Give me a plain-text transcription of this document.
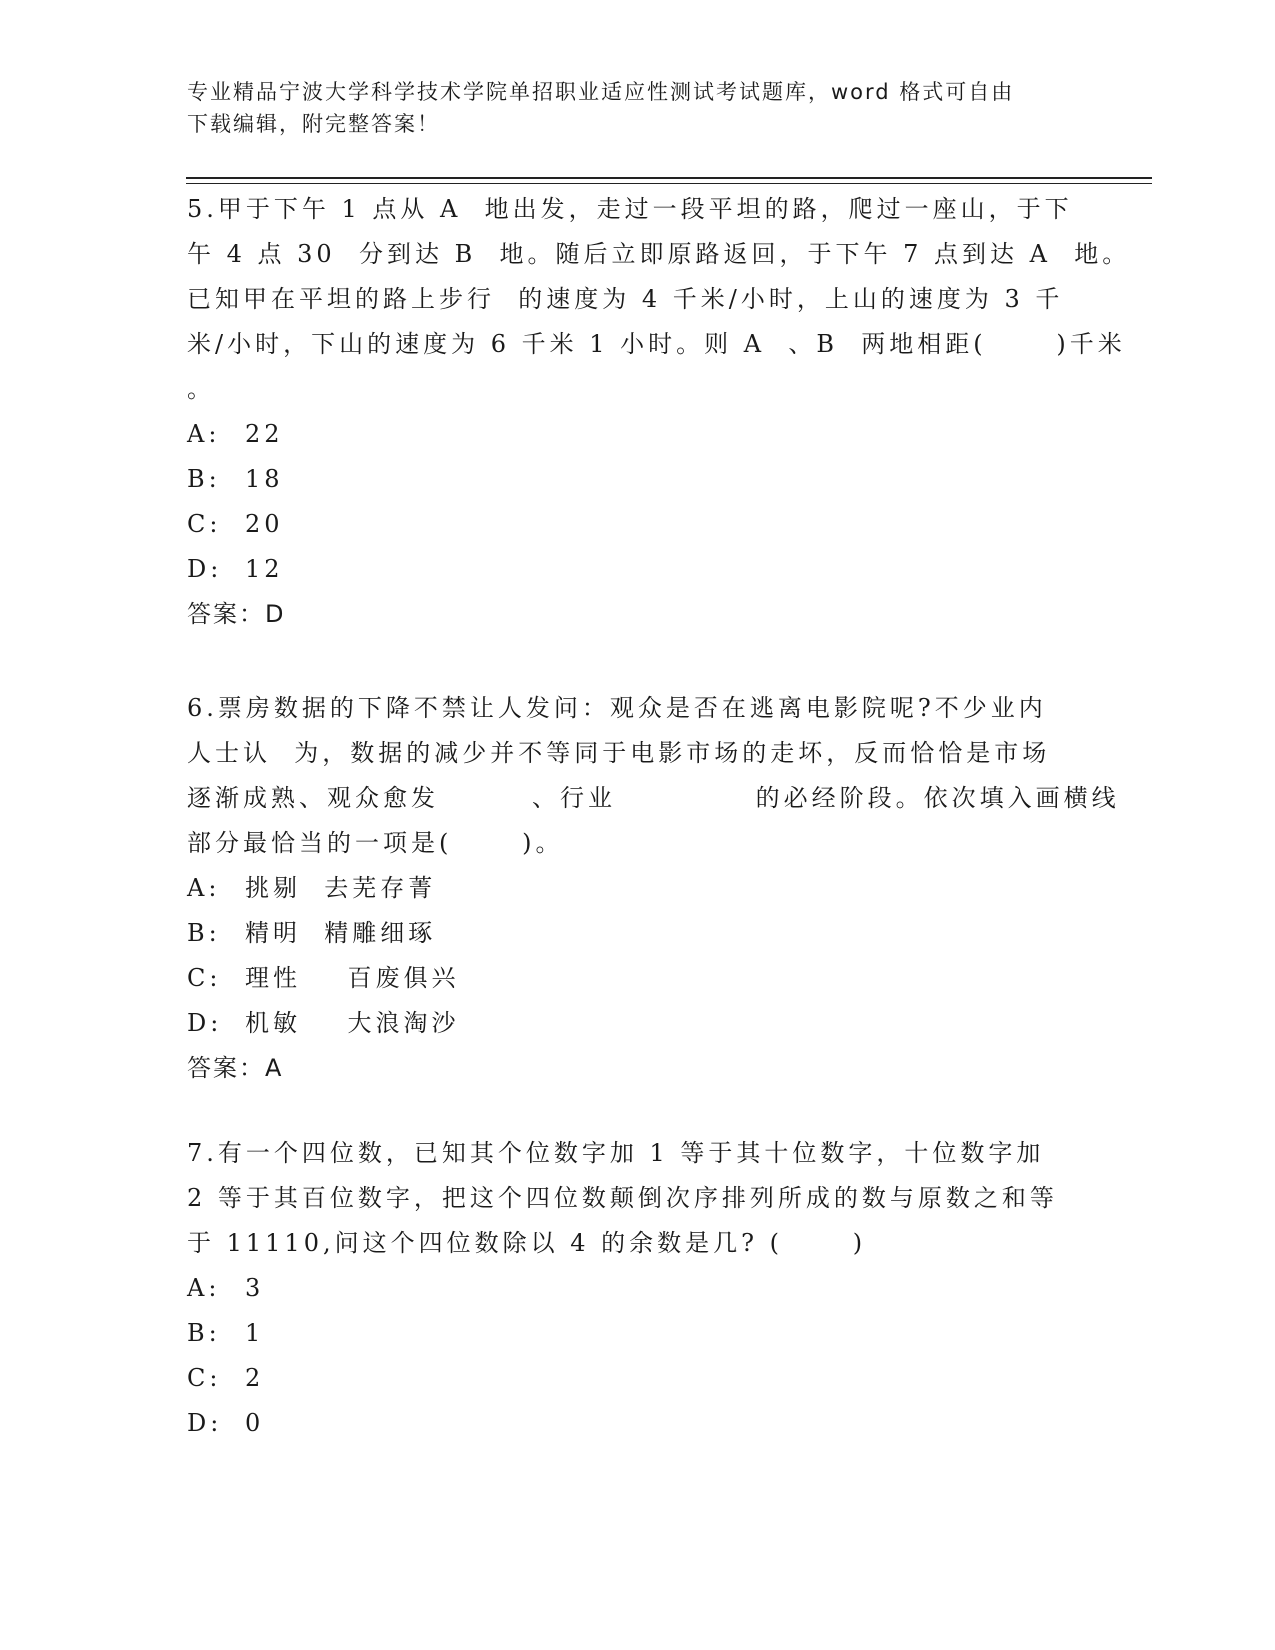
专业精品宁波大学科学技术学院单招职业适应性测试考试题库，word 格式可自由
下载编辑，附完整答案！
5.甲于下午 1 点从 A  地出发，走过一段平坦的路，爬过一座山，于下
午 4 点 30  分到达 B  地。随后立即原路返回，于下午 7 点到达 A  地。
已知甲在平坦的路上步行  的速度为 4 千米/小时，上山的速度为 3 千
米/小时，下山的速度为 6 千米 1 小时。则 A  、B  两地相距(      )千米
。
A:	22
B:	18
C: 20
D: 12
答案：D
6.票房数据的下降不禁让人发问：观众是否在逃离电影院呢?不少业内
人士认  为，数据的减少并不等同于电影市场的走坏，反而恰恰是市场
逐渐成熟、观众愈发        、行业            的必经阶段。依次填入画横线
部分最恰当的一项是(      )。
A:	挑剔  去芜存菁
B:	精明  精雕细琢
C: 理性    百废俱兴
D: 机敏    大浪淘沙
答案：A
7.有一个四位数，已知其个位数字加 1 等于其十位数字，十位数字加
2 等于其百位数字，把这个四位数颠倒次序排列所成的数与原数之和等
于 11110,问这个四位数除以 4 的余数是几? (      )
A:	3
B:	1
C: 2
D: 0
